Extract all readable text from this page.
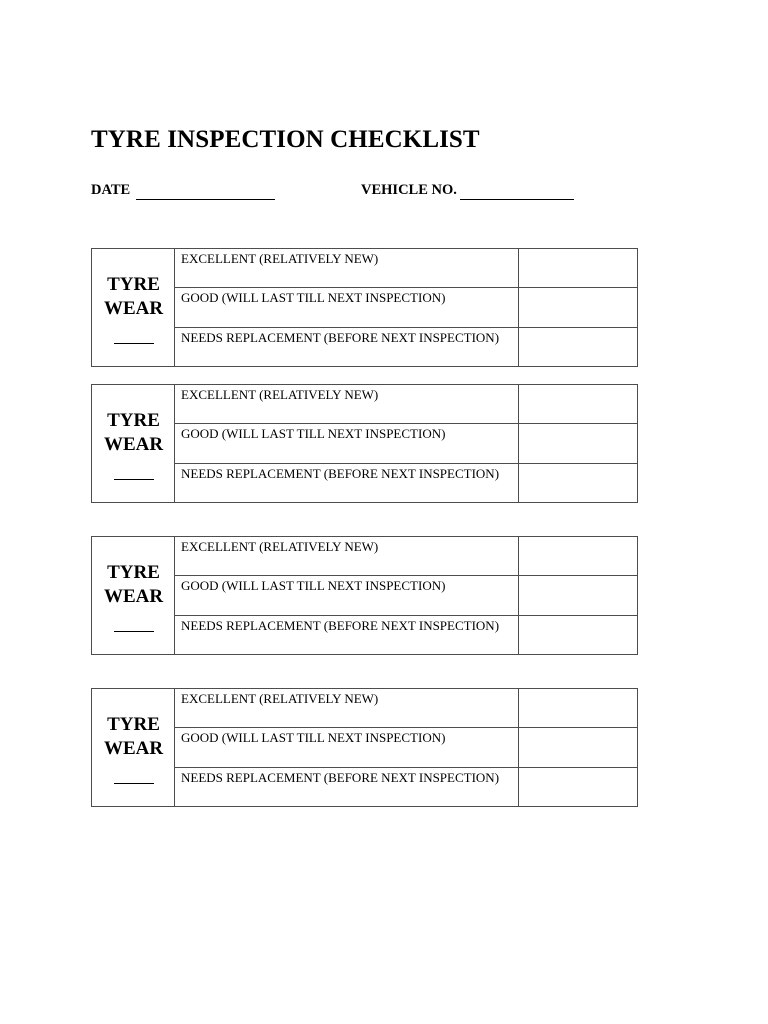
TYRE INSPECTION CHECKLIST
DATE	VEHICLE NO.
TYRE
WEAR
EXCELLENT (RELATIVELY NEW)
GOOD (WILL LAST TILL NEXT INSPECTION)
NEEDS REPLACEMENT (BEFORE NEXT INSPECTION)
TYRE
WEAR
EXCELLENT (RELATIVELY NEW)
GOOD (WILL LAST TILL NEXT INSPECTION)
NEEDS REPLACEMENT (BEFORE NEXT INSPECTION)
TYRE
WEAR
EXCELLENT (RELATIVELY NEW)
GOOD (WILL LAST TILL NEXT INSPECTION)
NEEDS REPLACEMENT (BEFORE NEXT INSPECTION)
TYRE
WEAR
EXCELLENT (RELATIVELY NEW)
GOOD (WILL LAST TILL NEXT INSPECTION)
NEEDS REPLACEMENT (BEFORE NEXT INSPECTION)
